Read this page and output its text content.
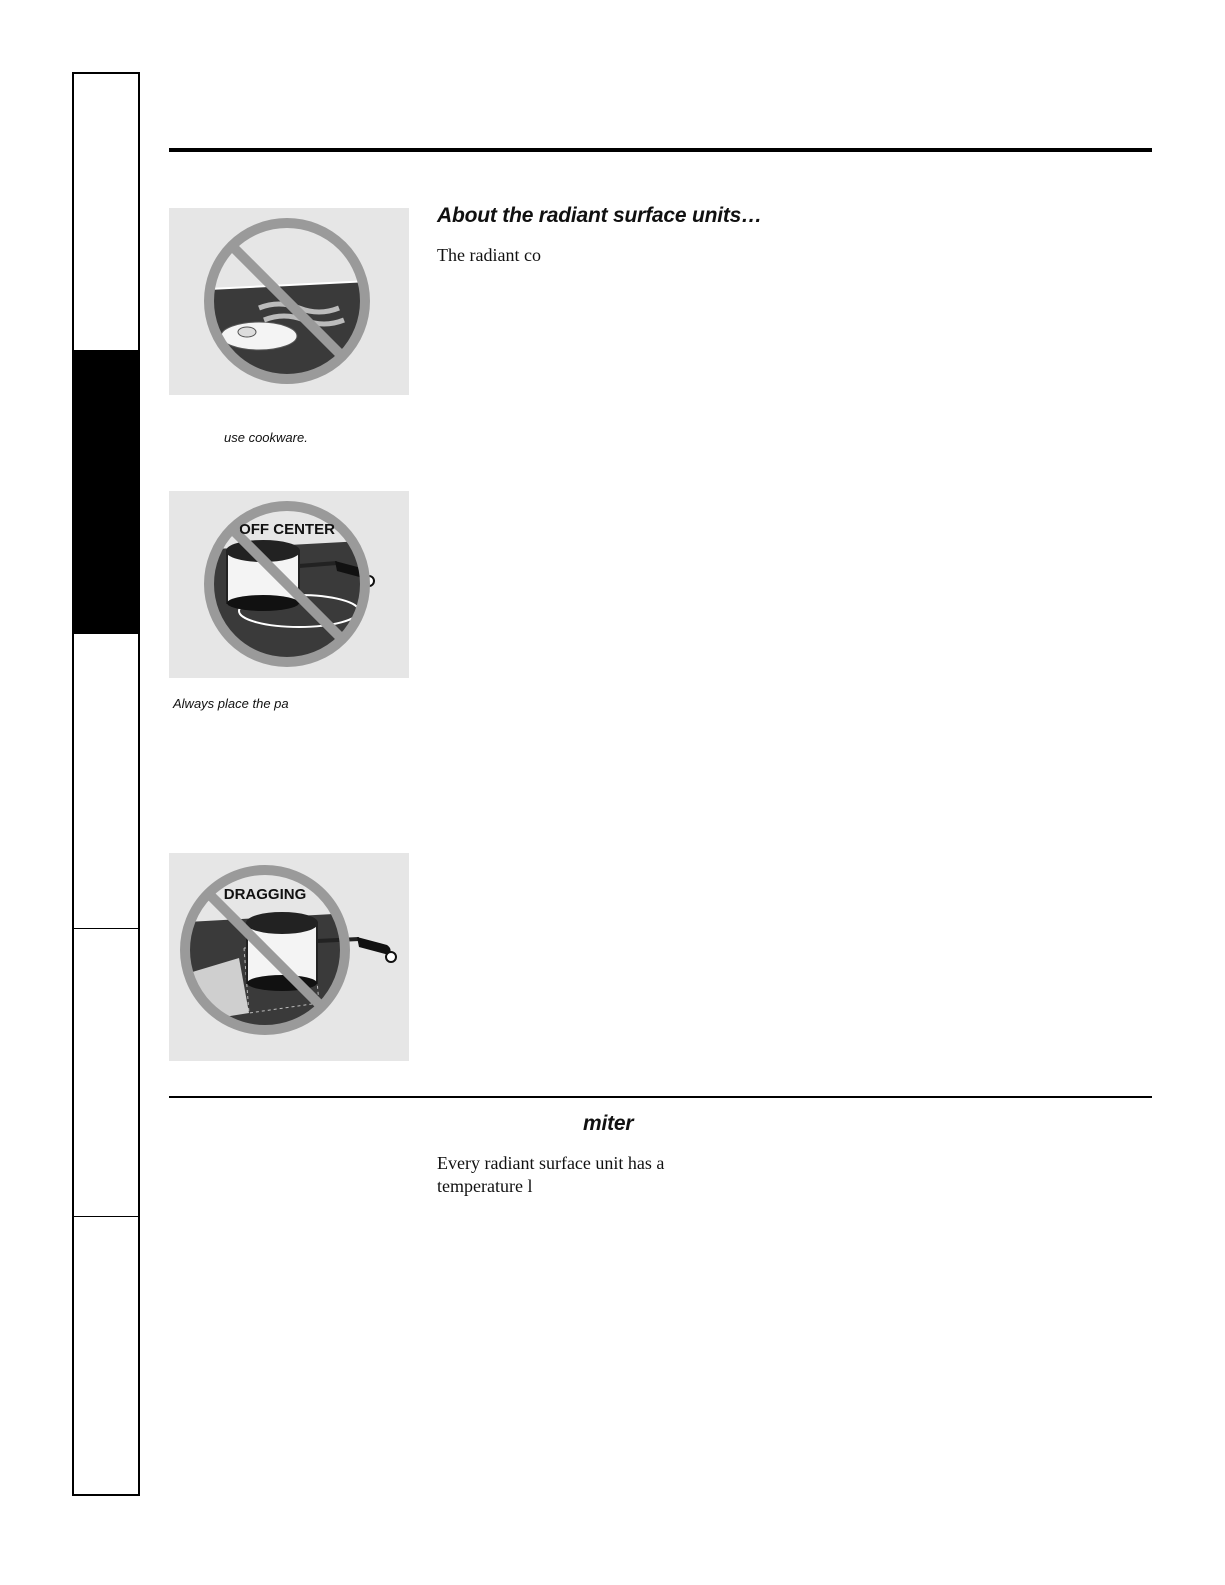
use cookware.
OFF CENTER
Always place the pa
DRAGGING
About the radiant surface units…
The radiant co
miter
Every radiant surface unit has a
temperature l
